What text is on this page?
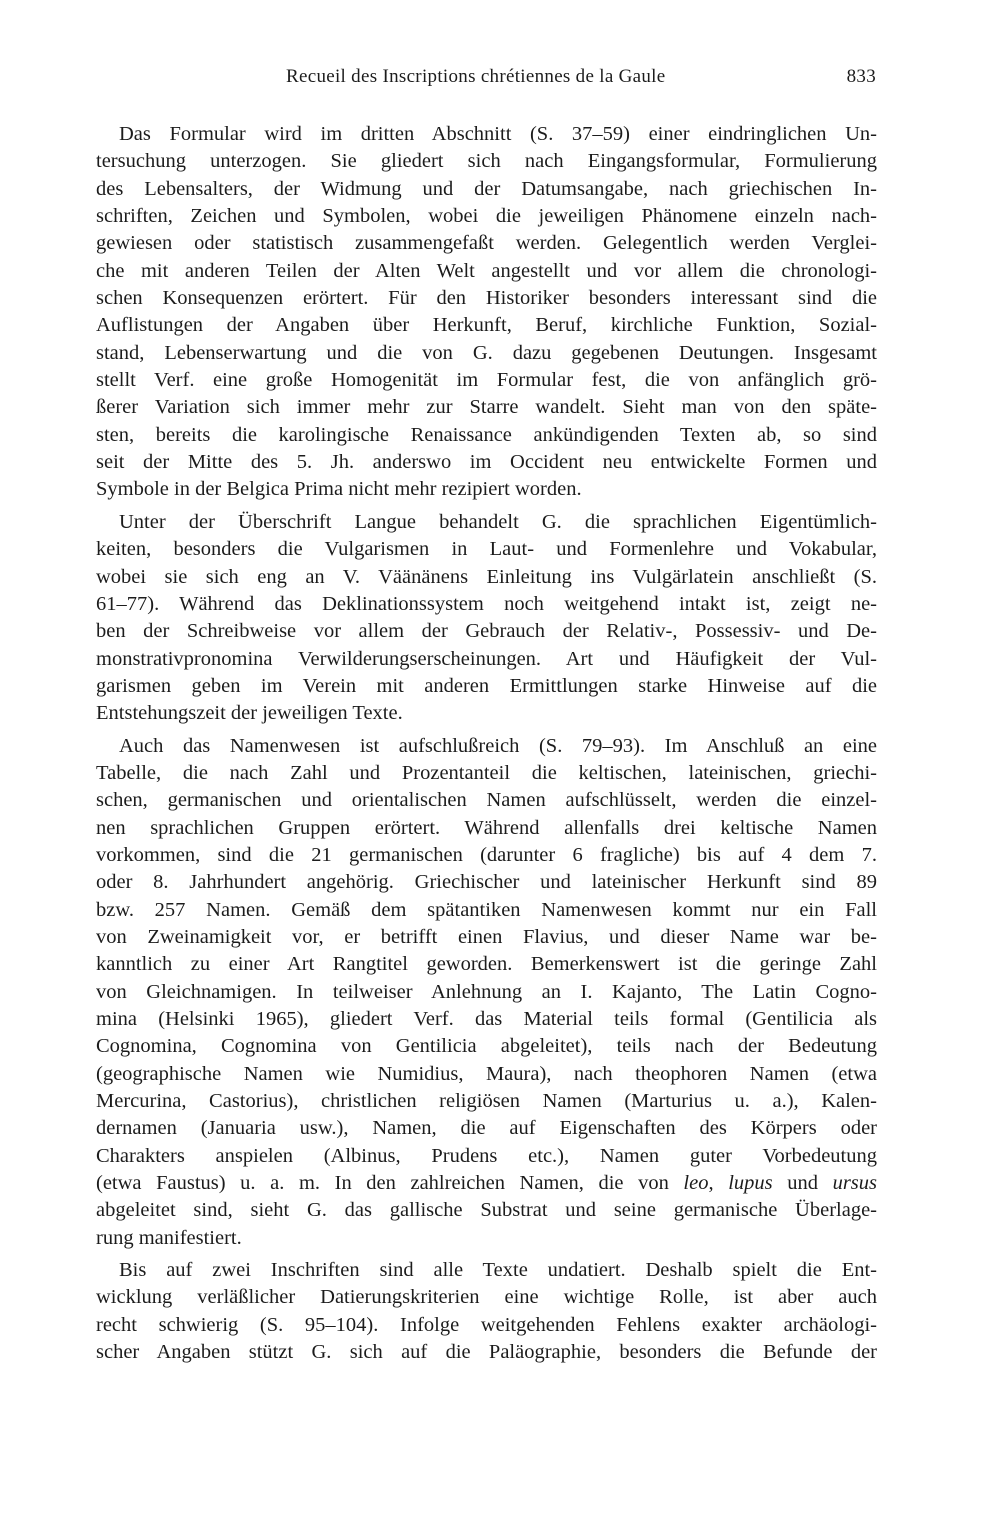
Recueil des Inscriptions chrétiennes de la Gaule	833
Das Formular wird im dritten Abschnitt (S. 37–59) einer eindringlichen Un-
tersuchung unterzogen. Sie gliedert sich nach Eingangsformular, Formulierung
des Lebensalters, der Widmung und der Datumsangabe, nach griechischen In-
schriften, Zeichen und Symbolen, wobei die jeweiligen Phänomene einzeln nach-
gewiesen oder statistisch zusammengefaßt werden. Gelegentlich werden Verglei-
che mit anderen Teilen der Alten Welt angestellt und vor allem die chronologi-
schen Konsequenzen erörtert. Für den Historiker besonders interessant sind die
Auflistungen der Angaben über Herkunft, Beruf, kirchliche Funktion, Sozial-
stand, Lebenserwartung und die von G. dazu gegebenen Deutungen. Insgesamt
stellt Verf. eine große Homogenität im Formular fest, die von anfänglich grö-
ßerer Variation sich immer mehr zur Starre wandelt. Sieht man von den späte-
sten, bereits die karolingische Renaissance ankündigenden Texten ab, so sind
seit der Mitte des 5. Jh. anderswo im Occident neu entwickelte Formen und
Symbole in der Belgica Prima nicht mehr rezipiert worden.
Unter der Überschrift Langue behandelt G. die sprachlichen Eigentümlich-
keiten, besonders die Vulgarismen in Laut- und Formenlehre und Vokabular,
wobei sie sich eng an V. Väänänens Einleitung ins Vulgärlatein anschließt (S.
61–77). Während das Deklinationssystem noch weitgehend intakt ist, zeigt ne-
ben der Schreibweise vor allem der Gebrauch der Relativ-, Possessiv- und De-
monstrativpronomina Verwilderungserscheinungen. Art und Häufigkeit der Vul-
garismen geben im Verein mit anderen Ermittlungen starke Hinweise auf die
Entstehungszeit der jeweiligen Texte.
Auch das Namenwesen ist aufschlußreich (S. 79–93). Im Anschluß an eine
Tabelle, die nach Zahl und Prozentanteil die keltischen, lateinischen, griechi-
schen, germanischen und orientalischen Namen aufschlüsselt, werden die einzel-
nen sprachlichen Gruppen erörtert. Während allenfalls drei keltische Namen
vorkommen, sind die 21 germanischen (darunter 6 fragliche) bis auf 4 dem 7.
oder 8. Jahrhundert angehörig. Griechischer und lateinischer Herkunft sind 89
bzw. 257 Namen. Gemäß dem spätantiken Namenwesen kommt nur ein Fall
von Zweinamigkeit vor, er betrifft einen Flavius, und dieser Name war be-
kanntlich zu einer Art Rangtitel geworden. Bemerkenswert ist die geringe Zahl
von Gleichnamigen. In teilweiser Anlehnung an I. Kajanto, The Latin Cogno-
mina (Helsinki 1965), gliedert Verf. das Material teils formal (Gentilicia als
Cognomina, Cognomina von Gentilicia abgeleitet), teils nach der Bedeutung
(geographische Namen wie Numidius, Maura), nach theophoren Namen (etwa
Mercurina, Castorius), christlichen religiösen Namen (Marturius u. a.), Kalen-
dernamen (Januaria usw.), Namen, die auf Eigenschaften des Körpers oder
Charakters anspielen (Albinus, Prudens etc.), Namen guter Vorbedeutung
(etwa Faustus) u. a. m. In den zahlreichen Namen, die von leo, lupus und ursus
abgeleitet sind, sieht G. das gallische Substrat und seine germanische Überlage-
rung manifestiert.
Bis auf zwei Inschriften sind alle Texte undatiert. Deshalb spielt die Ent-
wicklung verläßlicher Datierungskriterien eine wichtige Rolle, ist aber auch
recht schwierig (S. 95–104). Infolge weitgehenden Fehlens exakter archäologi-
scher Angaben stützt G. sich auf die Paläographie, besonders die Befunde der
